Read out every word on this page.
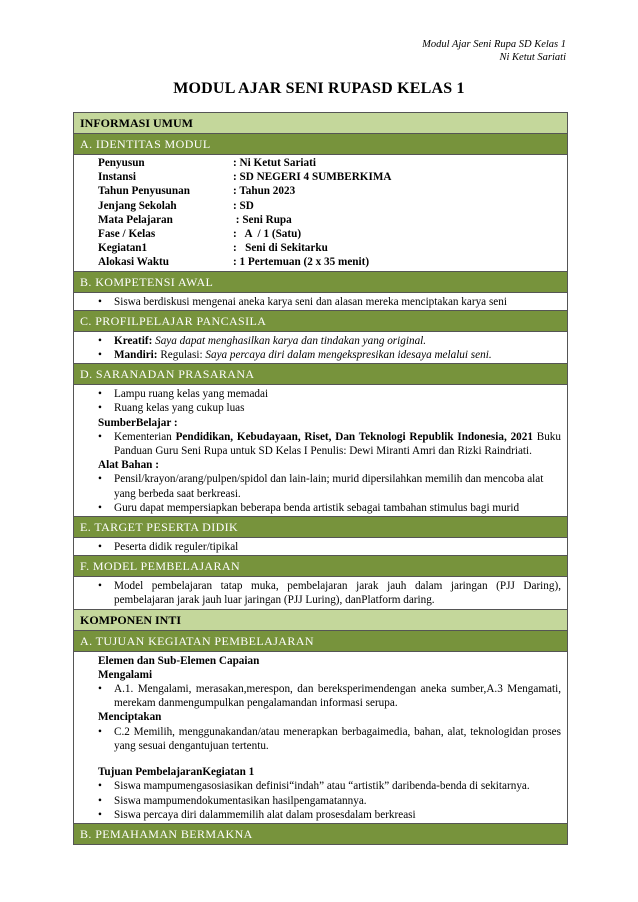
Modul Ajar Seni Rupa SD Kelas 1
Ni Ketut Sariati
MODUL AJAR SENI RUPASD KELAS 1
INFORMASI UMUM
A. IDENTITAS MODUL
Penyusun	: Ni Ketut Sariati
Instansi	: SD NEGERI 4 SUMBERKIMA
Tahun Penyusunan	: Tahun 2023
Jenjang Sekolah	: SD
Mata Pelajaran	: Seni Rupa
Fase / Kelas	:   A  / 1 (Satu)
Kegiatan1	:   Seni di Sekitarku
Alokasi Waktu	: 1 Pertemuan (2 x 35 menit)
B. KOMPETENSI AWAL
• Siswa berdiskusi mengenai aneka karya seni dan alasan mereka menciptakan karya seni
C. PROFILPELAJAR PANCASILA
• Kreatif: Saya dapat menghasilkan karya dan tindakan yang original.
• Mandiri: Regulasi: Saya percaya diri dalam mengekspresikan idesaya melalui seni.
D. SARANADAN PRASARANA
• Lampu ruang kelas yang memadai
• Ruang kelas yang cukup luas
SumberBelajar :
• Kementerian Pendidikan, Kebudayaan, Riset, Dan Teknologi Republik Indonesia, 2021 Buku Panduan Guru Seni Rupa untuk SD Kelas I Penulis: Dewi Miranti Amri dan Rizki Raindriati.
Alat Bahan :
• Pensil/krayon/arang/pulpen/spidol dan lain-lain; murid dipersilahkan memilih dan mencoba alat yang berbeda saat berkreasi.
• Guru dapat mempersiapkan beberapa benda artistik sebagai tambahan stimulus bagi murid
E. TARGET PESERTA DIDIK
• Peserta didik reguler/tipikal
F. MODEL PEMBELAJARAN
• Model pembelajaran tatap muka, pembelajaran jarak jauh dalam jaringan (PJJ Daring), pembelajaran jarak jauh luar jaringan (PJJ Luring), danPlatform daring.
KOMPONEN INTI
A. TUJUAN KEGIATAN PEMBELAJARAN
Elemen dan Sub-Elemen Capaian
Mengalami
• A.1. Mengalami, merasakan,merespon, dan bereksperimendengan aneka sumber,A.3 Mengamati, merekam danmengumpulkan pengalamandan informasi serupa.
Menciptakan
• C.2 Memilih, menggunakandan/atau menerapkan berbagaimedia, bahan, alat, teknologidan proses yang sesuai dengantujuan tertentu.
Tujuan PembelajaranKegiatan 1
• Siswa mampumengasosiasikan definisi“indah” atau “artistik” daribenda-benda di sekitarnya.
• Siswa mampumendokumentasikan hasilpengamatannya.
• Siswa percaya diri dalammemilih alat dalam prosesdalam berkreasi
B. PEMAHAMAN BERMAKNA
